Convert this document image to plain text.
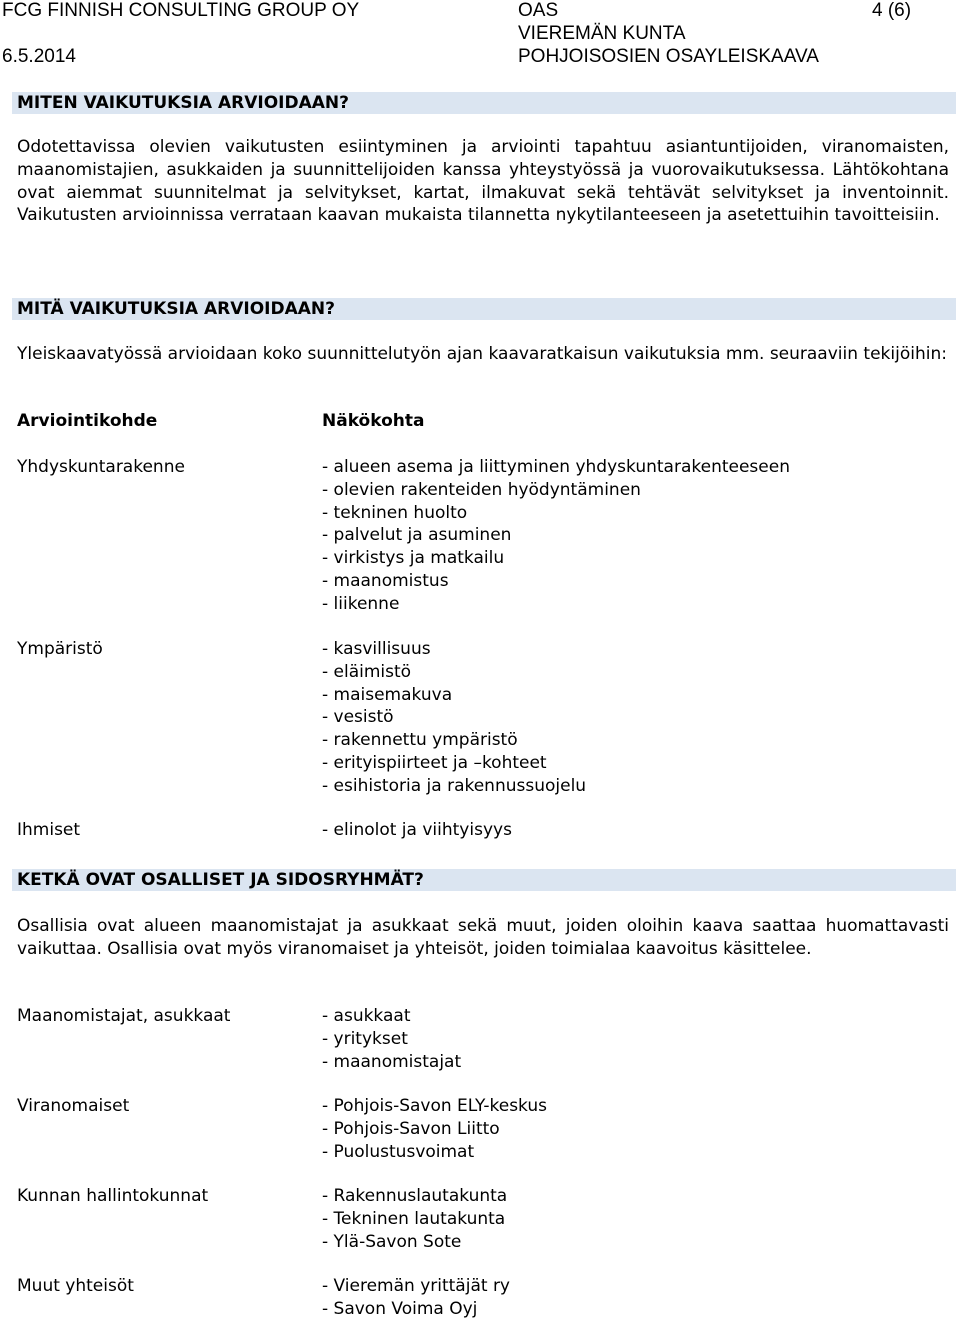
FCG FINNISH CONSULTING GROUP OY
6.5.2014
OAS
VIEREMÄN KUNTA
POHJOISOSIEN OSAYLEISKAAVA
4 (6)
MITEN VAIKUTUKSIA ARVIOIDAAN?
Odotettavissa olevien vaikutusten esiintyminen ja arviointi tapahtuu asiantuntijoiden, viranomaisten, maanomistajien, asukkaiden ja suunnittelijoiden kanssa yhteystyössä ja vuorovaikutuksessa. Lähtökohtana ovat aiemmat suunnitelmat ja selvitykset, kartat, ilmakuvat sekä tehtävät selvitykset ja inventoinnit. Vaikutusten arvioinnissa verrataan kaavan mukaista tilannetta nykytilanteeseen ja asetettuihin tavoitteisiin.
MITÄ VAIKUTUKSIA ARVIOIDAAN?
Yleiskaavatyössä arvioidaan koko suunnittelutyön ajan kaavaratkaisun vaikutuksia mm. seuraaviin tekijöihin:
Arviointikohde	Näkökohta
Yhdyskuntarakenne	- alueen asema ja liittyminen yhdyskuntarakenteeseen
- olevien rakenteiden hyödyntäminen
- tekninen huolto
- palvelut ja asuminen
- virkistys ja matkailu
- maanomistus
- liikenne
Ympäristö	- kasvillisuus
- eläimistö
- maisemakuva
- vesistö
- rakennettu ympäristö
- erityispiirteet ja –kohteet
- esihistoria ja rakennussuojelu
Ihmiset	- elinolot ja viihtyisyys
KETKÄ OVAT OSALLISET JA SIDOSRYHMÄT?
Osallisia ovat alueen maanomistajat ja asukkaat sekä muut, joiden oloihin kaava saattaa huomattavasti vaikuttaa. Osallisia ovat myös viranomaiset ja yhteisöt, joiden toimialaa kaavoitus käsittelee.
Maanomistajat, asukkaat	- asukkaat
- yritykset
- maanomistajat
Viranomaiset	- Pohjois-Savon ELY-keskus
- Pohjois-Savon Liitto
- Puolustusvoimat
Kunnan hallintokunnat	- Rakennuslautakunta
- Tekninen lautakunta
- Ylä-Savon Sote
Muut yhteisöt	- Vieremän yrittäjät ry
- Savon Voima Oyj
